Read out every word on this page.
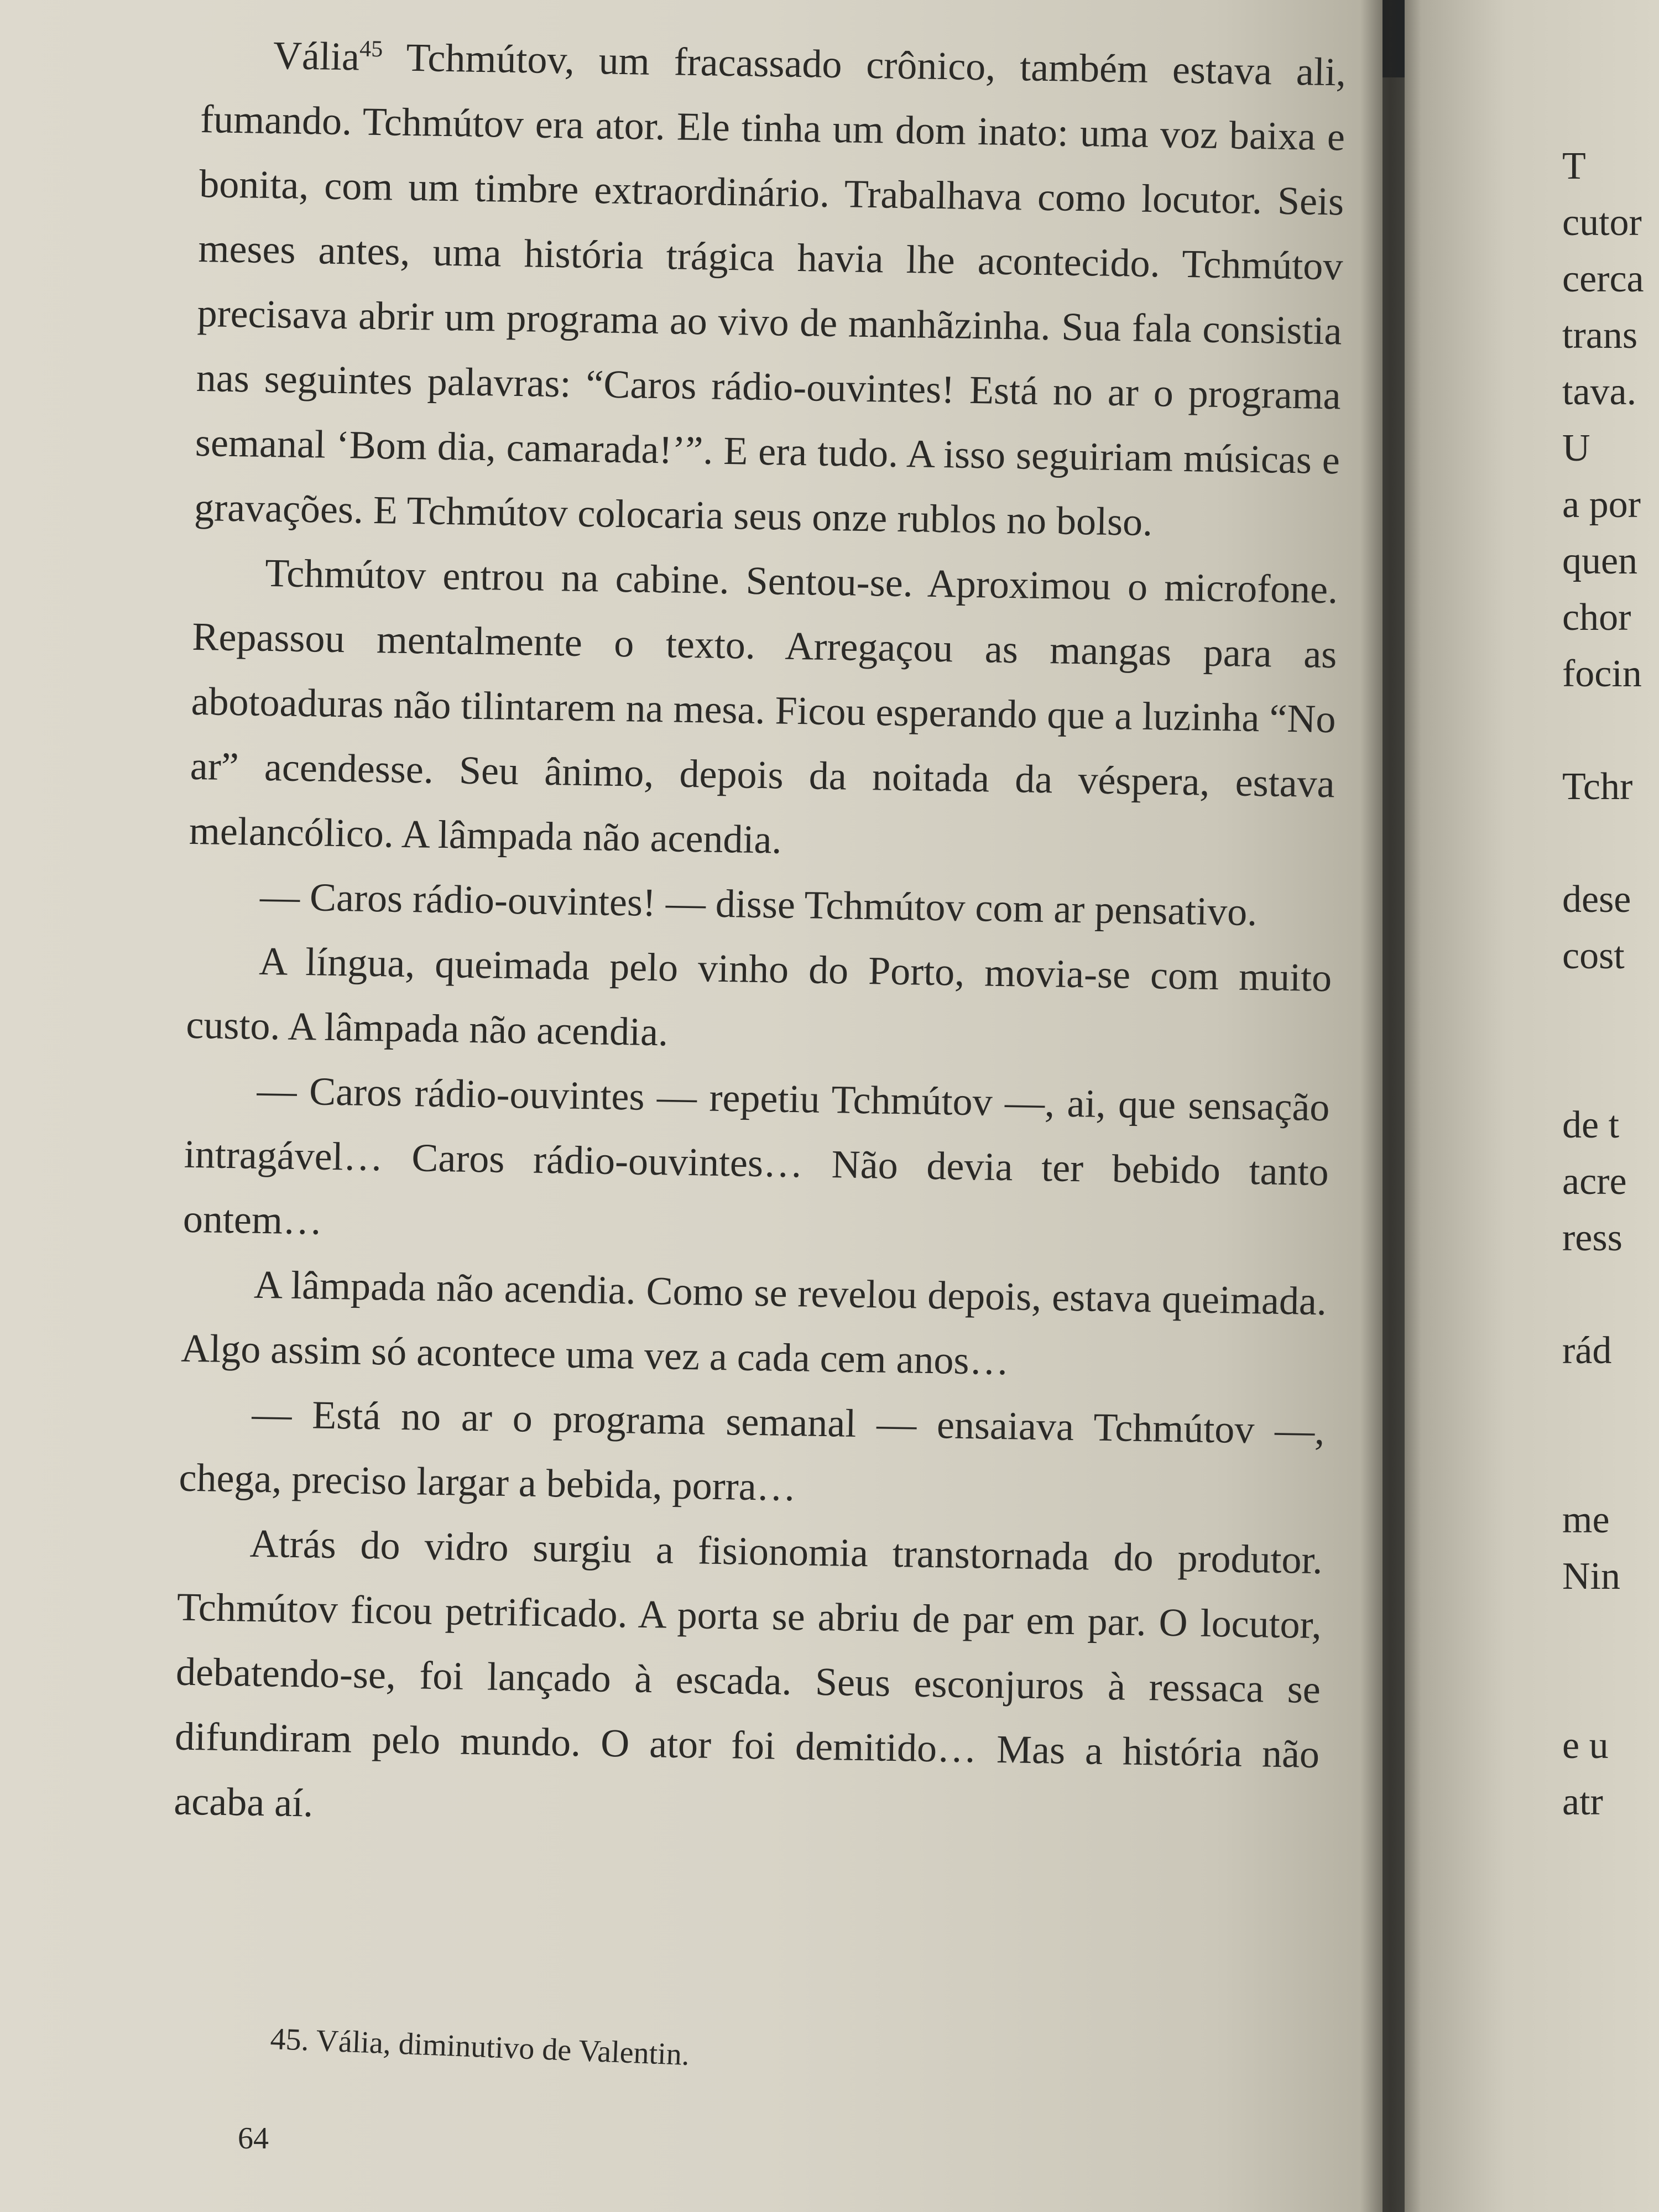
Vália$^{45}$ Tchmútov, um fracassado crônico, também estava ali, fumando. Tchmútov era ator. Ele tinha um dom inato: uma voz baixa e bonita, com um timbre extraordinário. Trabalhava como locutor. Seis meses antes, uma história trágica havia lhe acontecido. Tchmútov precisava abrir um programa ao vivo de manhãzinha. Sua fala consistia nas seguintes palavras: “Caros rádio-ouvintes! Está no ar o programa semanal ‘Bom dia, camarada!’”. E era tudo. A isso seguiriam músicas e gravações. E Tchmútov colocaria seus onze rublos no bolso.

Tchmútov entrou na cabine. Sentou-se. Aproximou o microfone. Repassou mentalmente o texto. Arregaçou as mangas para as abotoaduras não tilintarem na mesa. Ficou esperando que a luzinha “No ar” acendesse. Seu ânimo, depois da noitada da véspera, estava melancólico. A lâmpada não acendia.

— Caros rádio-ouvintes! — disse Tchmútov com ar pensativo.

A língua, queimada pelo vinho do Porto, movia-se com muito custo. A lâmpada não acendia.

— Caros rádio-ouvintes — repetiu Tchmútov —, ai, que sensação intragável… Caros rádio-ouvintes… Não devia ter bebido tanto ontem…

A lâmpada não acendia. Como se revelou depois, estava queimada. Algo assim só acontece uma vez a cada cem anos…

— Está no ar o programa semanal — ensaiava Tchmútov —, chega, preciso largar a bebida, porra…

Atrás do vidro surgiu a fisionomia transtornada do produtor. Tchmútov ficou petrificado. A porta se abriu de par em par. O locutor, debatendo-se, foi lançado à escada. Seus esconjuros à ressaca se difundiram pelo mundo. O ator foi demitido… Mas a história não acaba aí.

45. Vália, diminutivo de Valentin.
64
T
cutor
cerca
trans
tava.
U
a por
quen
chor
focin
Tchr
dese
cost
de t
acre
ress
rád
me
Nin
e u
atr
